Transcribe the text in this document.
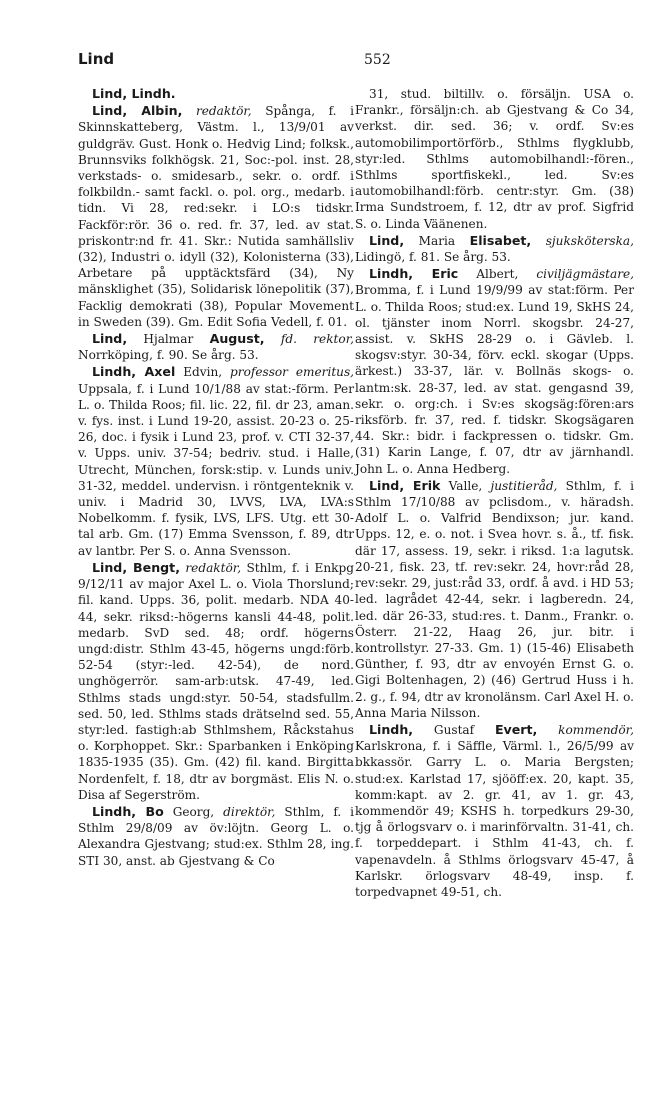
Lind	552

Lind, Lindh.

Lind, Albin, redaktör, Spånga, f. i Skinnskatteberg, Västm. l., 13/9/01 av guldgräv. Gust. Honk o. Hedvig Lind; folksk., Brunnsviks folkhögsk. 21, Soc:-pol. inst. 28, verkstads- o. smidesarb., sekr. o. ordf. i folkbildn.- samt fackl. o. pol. org., medarb. i tidn. Vi 28, red:sekr. i LO:s tidskr. Fackför:rör. 36 o. red. fr. 37, led. av stat. priskontr:nd fr. 41. Skr.: Nutida samhällsliv (32), Industri o. idyll (32), Kolonisterna (33), Arbetare på upptäcktsfärd (34), Ny mänsklighet (35), Solidarisk lönepolitik (37), Facklig demokrati (38), Popular Movement in Sweden (39). Gm. Edit Sofia Vedell, f. 01.

Lind, Hjalmar August, fd. rektor, Norrköping, f. 90. Se årg. 53.

Lindh, Axel Edvin, professor emeritus, Uppsala, f. i Lund 10/1/88 av stat:-förm. Per L. o. Thilda Roos; fil. lic. 22, fil. dr 23, aman. v. fys. inst. i Lund 19-20, assist. 20-23 o. 25-26, doc. i fysik i Lund 23, prof. v. CTI 32-37, v. Upps. univ. 37-54; bedriv. stud. i Halle, Utrecht, München, forsk:stip. v. Lunds univ. 31-32, meddel. undervisn. i röntgenteknik v. univ. i Madrid 30, LVVS, LVA, LVA:s Nobelkomm. f. fysik, LVS, LFS. Utg. ett 30-tal arb. Gm. (17) Emma Svensson, f. 89, dtr av lantbr. Per S. o. Anna Svensson.

Lind, Bengt, redaktör, Sthlm, f. i Enkpg 9/12/11 av major Axel L. o. Viola Thorslund; fil. kand. Upps. 36, polit. medarb. NDA 40-44, sekr. riksd:-högerns kansli 44-48, polit. medarb. SvD sed. 48; ordf. högerns ungd:distr. Sthlm 43-45, högerns ungd:förb. 52-54 (styr:-led. 42-54), de nord. unghögerrör. sam-arb:utsk. 47-49, led. Sthlms stads ungd:styr. 50-54, stadsfullm. sed. 50, led. Sthlms stads drätselnd sed. 55, styr:led. fastigh:ab Sthlmshem, Råckstahus o. Korphoppet. Skr.: Sparbanken i Enköping 1835-1935 (35). Gm. (42) fil. kand. Birgitta Nordenfelt, f. 18, dtr av borgmäst. Elis N. o. Disa af Segerström.

Lindh, Bo Georg, direktör, Sthlm, f. i Sthlm 29/8/09 av öv:löjtn. Georg L. o. Alexandra Gjestvang; stud:ex. Sthlm 28, ing. STI 30, anst. ab Gjestvang & Co

31, stud. biltillv. o. försäljn. USA o. Frankr., försäljn:ch. ab Gjestvang & Co 34, verkst. dir. sed. 36; v. ordf. Sv:es automobilimportörförb., Sthlms flygklubb, styr:led. Sthlms automobilhandl:-fören., Sthlms sportfiskekl., led. Sv:es automobilhandl:förb. centr:styr. Gm. (38) Irma Sundstroem, f. 12, dtr av prof. Sigfrid S. o. Linda Väänenen.

Lind, Maria Elisabet, sjuksköterska, Lidingö, f. 81. Se årg. 53.

Lindh, Eric Albert, civiljägmästare, Bromma, f. i Lund 19/9/99 av stat:förm. Per L. o. Thilda Roos; stud:ex. Lund 19, SkHS 24, ol. tjänster inom Norrl. skogsbr. 24-27, assist. v. SkHS 28-29 o. i Gävleb. l. skogsv:styr. 30-34, förv. eckl. skogar (Upps. ärkest.) 33-37, lär. v. Bollnäs skogs- o. lantm:sk. 28-37, led. av stat. gengasnd 39, sekr. o. org:ch. i Sv:es skogsäg:fören:ars riksförb. fr. 37, red. f. tidskr. Skogsägaren 44. Skr.: bidr. i fackpressen o. tidskr. Gm. (31) Karin Lange, f. 07, dtr av järnhandl. John L. o. Anna Hedberg.

Lind, Erik Valle, justitieråd, Sthlm, f. i Sthlm 17/10/88 av pclisdom., v. häradsh. Adolf L. o. Valfrid Bendixson; jur. kand. Upps. 12, e. o. not. i Svea hovr. s. å., tf. fisk. där 17, assess. 19, sekr. i riksd. 1:a lagutsk. 20-21, fisk. 23, tf. rev:sekr. 24, hovr:råd 28, rev:sekr. 29, just:råd 33, ordf. å avd. i HD 53; led. lagrådet 42-44, sekr. i lagberedn. 24, led. där 26-33, stud:res. t. Danm., Frankr. o. Österr. 21-22, Haag 26, jur. bitr. i kontrollstyr. 27-33. Gm. 1) (15-46) Elisabeth Günther, f. 93, dtr av envoyén Ernst G. o. Gigi Boltenhagen, 2) (46) Gertrud Huss i h. 2. g., f. 94, dtr av kronolänsm. Carl Axel H. o. Anna Maria Nilsson.

Lindh, Gustaf Evert, kommendör, Karlskrona, f. i Säffle, Värml. l., 26/5/99 av bkkassör. Garry L. o. Maria Bergsten; stud:ex. Karlstad 17, sjööff:ex. 20, kapt. 35, komm:kapt. av 2. gr. 41, av 1. gr. 43, kommendör 49; KSHS h. torpedkurs 29-30, tjg å örlogsvarv o. i marinförvaltn. 31-41, ch. f. torpeddepart. i Sthlm 41-43, ch. f. vapenavdeln. å Sthlms örlogsvarv 45-47, å Karlskr. örlogsvarv 48-49, insp. f. torpedvapnet 49-51, ch.
